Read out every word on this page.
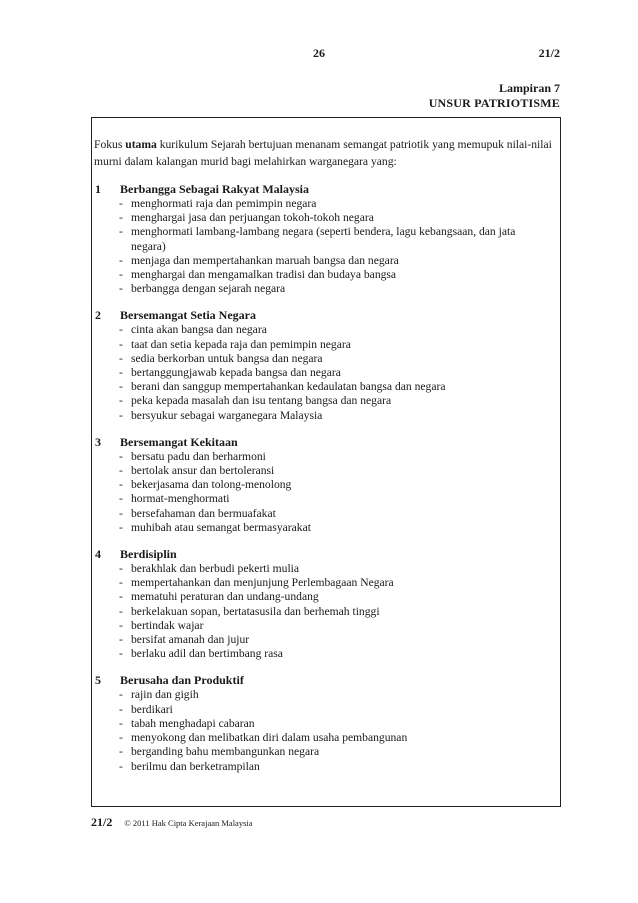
26	21/2
Lampiran 7
UNSUR PATRIOTISME

Fokus utama kurikulum Sejarah bertujuan menanam semangat patriotik yang memupuk nilai-nilai murni dalam kalangan murid bagi melahirkan warganegara yang:

1	Berbangga Sebagai Rakyat Malaysia
- menghormati raja dan pemimpin negara
- menghargai jasa dan perjuangan tokoh-tokoh negara
- menghormati lambang-lambang negara (seperti bendera, lagu kebangsaan, dan jata negara)
- menjaga dan mempertahankan maruah bangsa dan negara
- menghargai dan mengamalkan tradisi dan budaya bangsa
- berbangga dengan sejarah negara
2	Bersemangat Setia Negara
- cinta akan bangsa dan negara
- taat dan setia kepada raja dan pemimpin negara
- sedia berkorban untuk bangsa dan negara
- bertanggungjawab kepada bangsa dan negara
- berani dan sanggup mempertahankan kedaulatan bangsa dan negara
- peka kepada masalah dan isu tentang bangsa dan negara
- bersyukur sebagai warganegara Malaysia
3	Bersemangat Kekitaan
- bersatu padu dan berharmoni
- bertolak ansur dan bertoleransi
- bekerjasama dan tolong-menolong
- hormat-menghormati
- bersefahaman dan bermuafakat
- muhibah atau semangat bermasyarakat
4	Berdisiplin
- berakhlak dan berbudi pekerti mulia
- mempertahankan dan menjunjung Perlembagaan Negara
- mematuhi peraturan dan undang-undang
- berkelakuan sopan, bertatasusila dan berhemah tinggi
- bertindak wajar
- bersifat amanah dan jujur
- berlaku adil dan bertimbang rasa
5	Berusaha dan Produktif
- rajin dan gigih
- berdikari
- tabah menghadapi cabaran
- menyokong dan melibatkan diri dalam usaha pembangunan
- berganding bahu membangunkan negara
- berilmu dan berketrampilan
21/2 © 2011 Hak Cipta Kerajaan Malaysia
